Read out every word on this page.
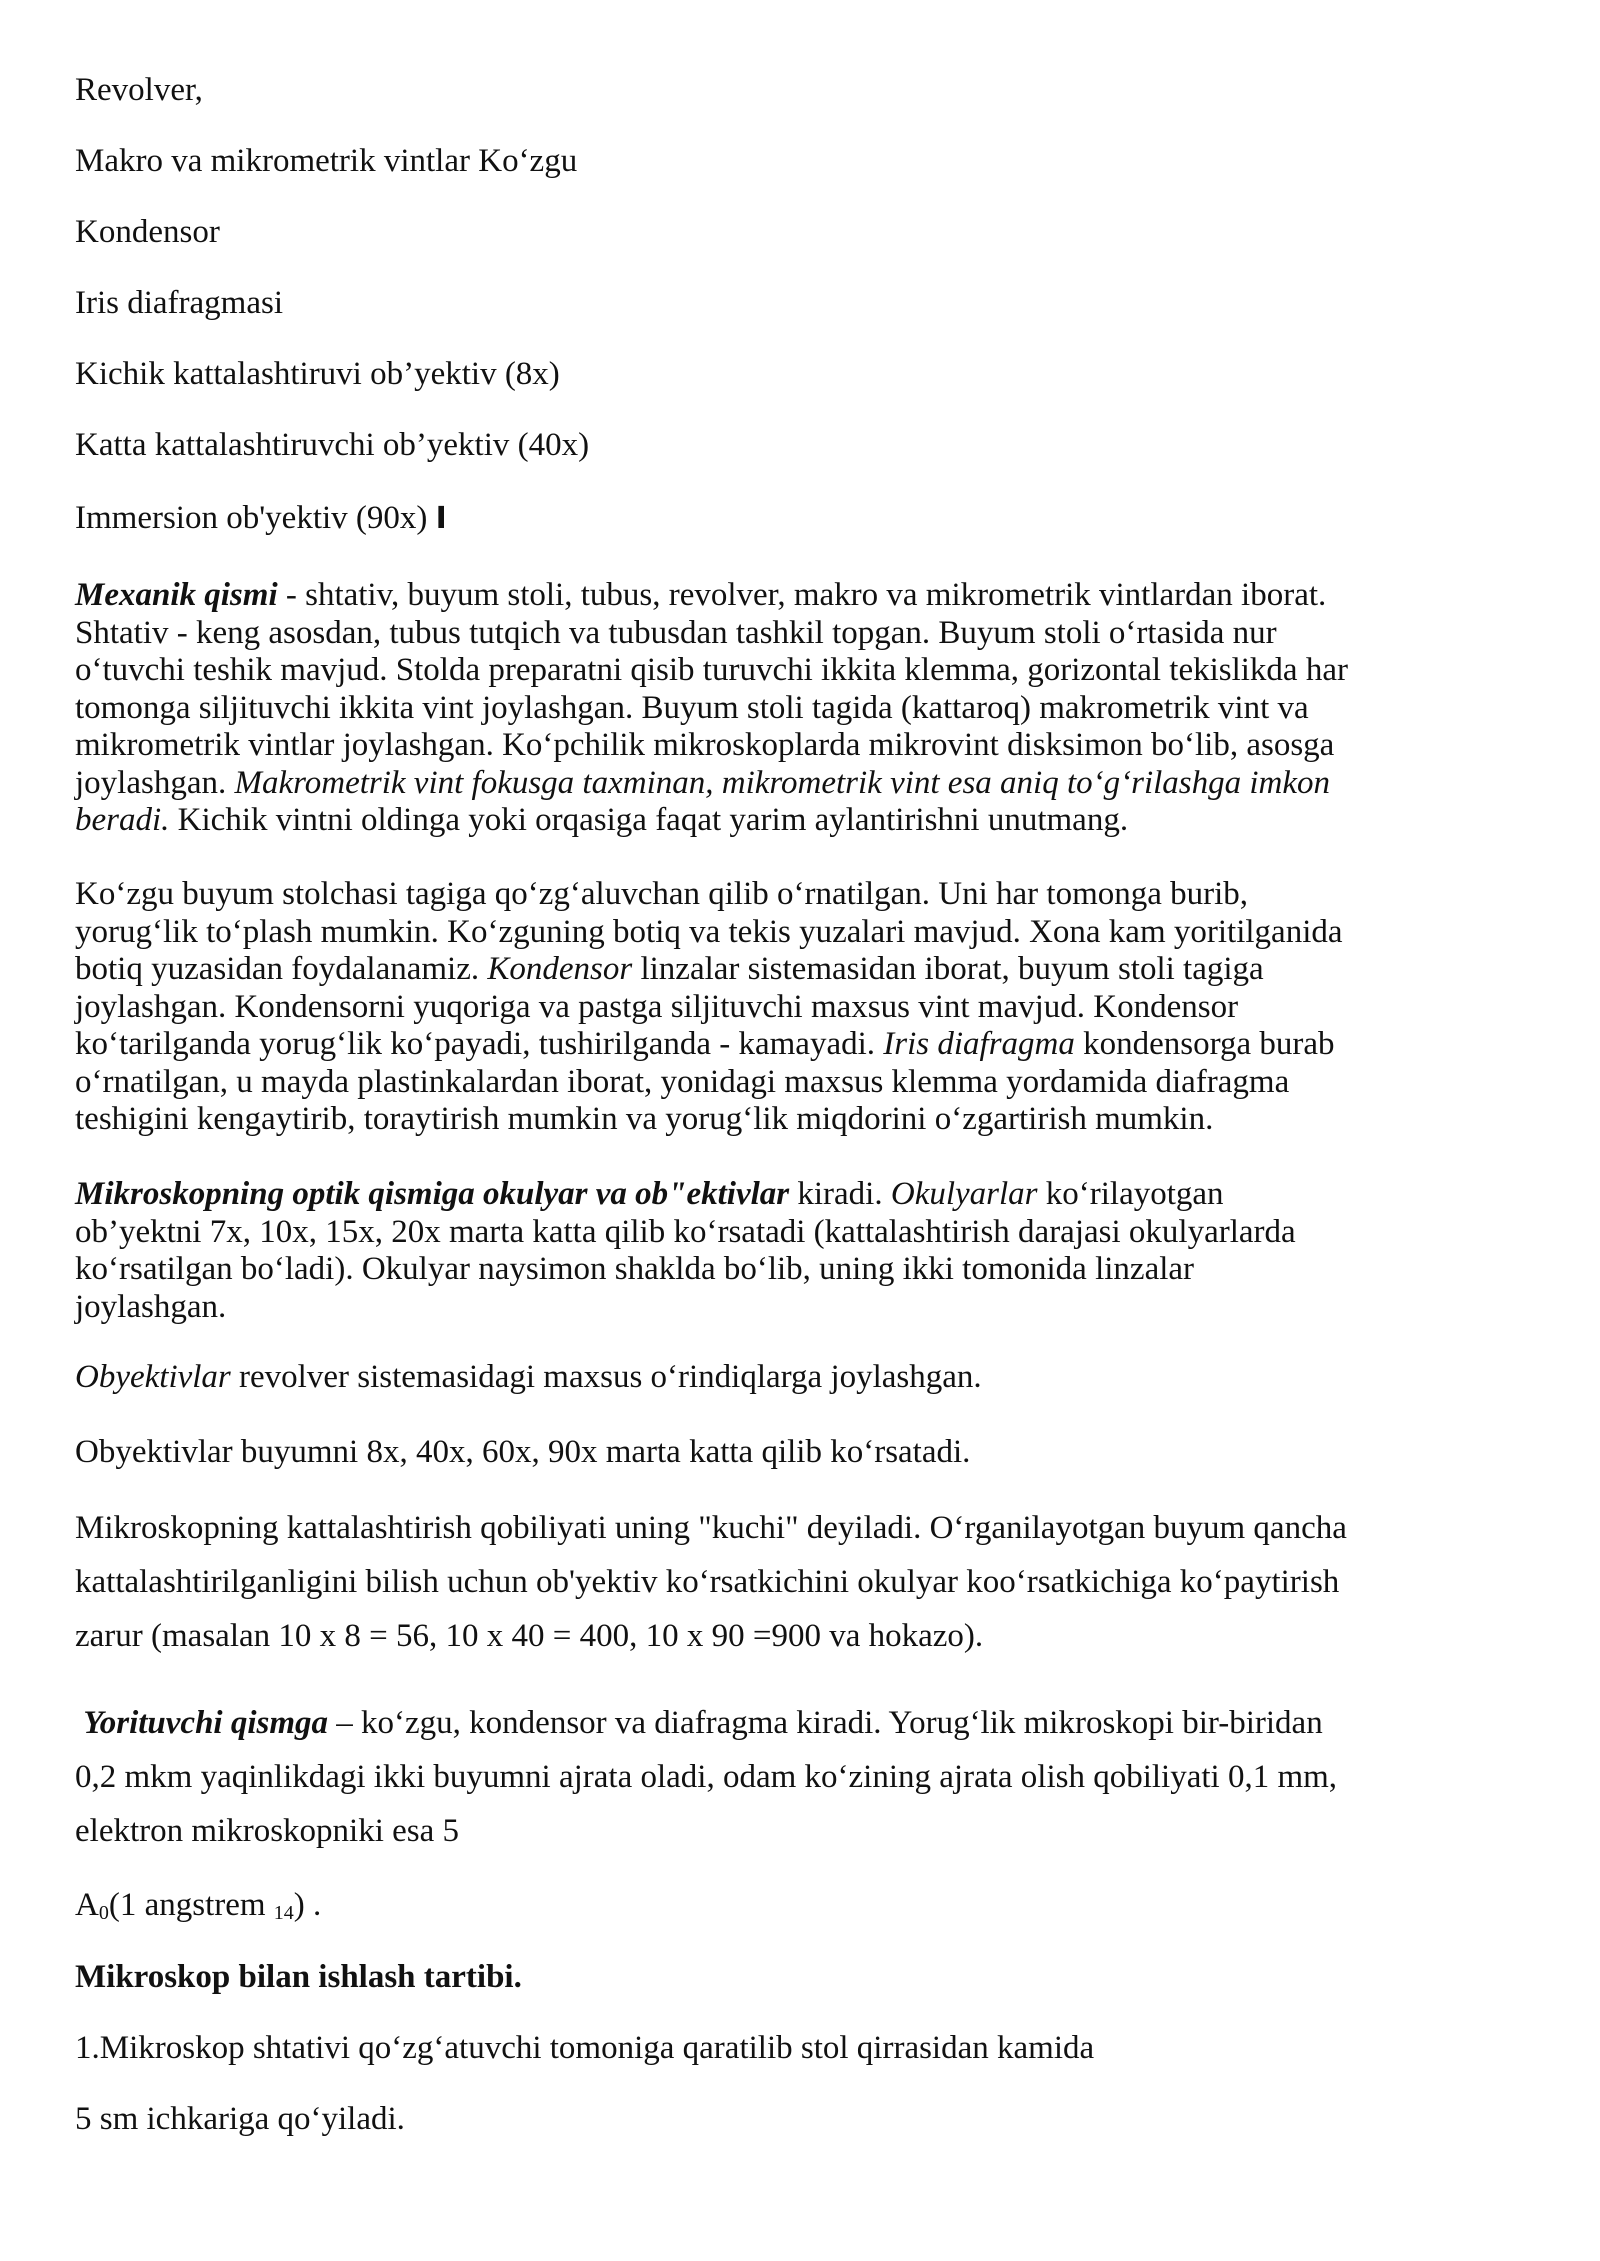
Revolver,
Makro va mikrometrik vintlar Koʻzgu
Kondensor
Iris diafragmasi
Kichik kattalashtiruvi ob’yektiv (8x)
Katta kattalashtiruvchi ob’yektiv (40x)
Immersion ob'yektiv (90x) I
Mexanik qismi - shtativ, buyum stoli, tubus, revolver, makro va mikrometrik vintlardan iborat.
Shtativ - keng asosdan, tubus tutqich va tubusdan tashkil topgan. Buyum stoli oʻrtasida nur
oʻtuvchi teshik mavjud. Stolda preparatni qisib turuvchi ikkita klemma, gorizontal tekislikda har
tomonga siljituvchi ikkita vint joylashgan. Buyum stoli tagida (kattaroq) makrometrik vint va
mikrometrik vintlar joylashgan. Koʻpchilik mikroskoplarda mikrovint disksimon boʻlib, asosga
joylashgan. Makrometrik vint fokusga taxminan, mikrometrik vint esa aniq toʻgʻrilashga imkon
beradi. Kichik vintni oldinga yoki orqasiga faqat yarim aylantirishni unutmang.
Koʻzgu buyum stolchasi tagiga qoʻzgʻaluvchan qilib oʻrnatilgan. Uni har tomonga burib,
yorugʻlik toʻplash mumkin. Koʻzguning botiq va tekis yuzalari mavjud. Xona kam yoritilganida
botiq yuzasidan foydalanamiz. Kondensor linzalar sistemasidan iborat, buyum stoli tagiga
joylashgan. Kondensorni yuqoriga va pastga siljituvchi maxsus vint mavjud. Kondensor
koʻtarilganda yorugʻlik koʻpayadi, tushirilganda - kamayadi. Iris diafragma kondensorga burab
oʻrnatilgan, u mayda plastinkalardan iborat, yonidagi maxsus klemma yordamida diafragma
teshigini kengaytirib, toraytirish mumkin va yorugʻlik miqdorini oʻzgartirish mumkin.
Mikroskopning optik qismiga okulyar va ob"ektivlar kiradi. Okulyarlar koʻrilayotgan
ob’yektni 7x, 10x, 15x, 20x marta katta qilib koʻrsatadi (kattalashtirish darajasi okulyarlarda
koʻrsatilgan boʻladi). Okulyar naysimon shaklda boʻlib, uning ikki tomonida linzalar
joylashgan.
Obyektivlar revolver sistemasidagi maxsus oʻrindiqlarga joylashgan.
Obyektivlar buyumni 8x, 40x, 60x, 90x marta katta qilib koʻrsatadi.
Mikroskopning kattalashtirish qobiliyati uning "kuchi" deyiladi. Oʻrganilayotgan buyum qancha
kattalashtirilganligini bilish uchun ob'yektiv koʻrsatkichini okulyar kooʻrsatkichiga koʻpaytirish
zarur (masalan 10 x 8 = 56, 10 x 40 = 400, 10 x 90 =900 va hokazo).
Yorituvchi qismga – koʻzgu, kondensor va diafragma kiradi. Yorugʻlik mikroskopi bir-biridan
0,2 mkm yaqinlikdagi ikki buyumni ajrata oladi, odam koʻzining ajrata olish qobiliyati 0,1 mm,
elektron mikroskopniki esa 5
$A_0(1$ angstrem $_{14}$) .
Mikroskop bilan ishlash tartibi.
1.Mikroskop shtativi qoʻzgʻatuvchi tomoniga qaratilib stol qirrasidan kamida
5 sm ichkariga qoʻyiladi.
